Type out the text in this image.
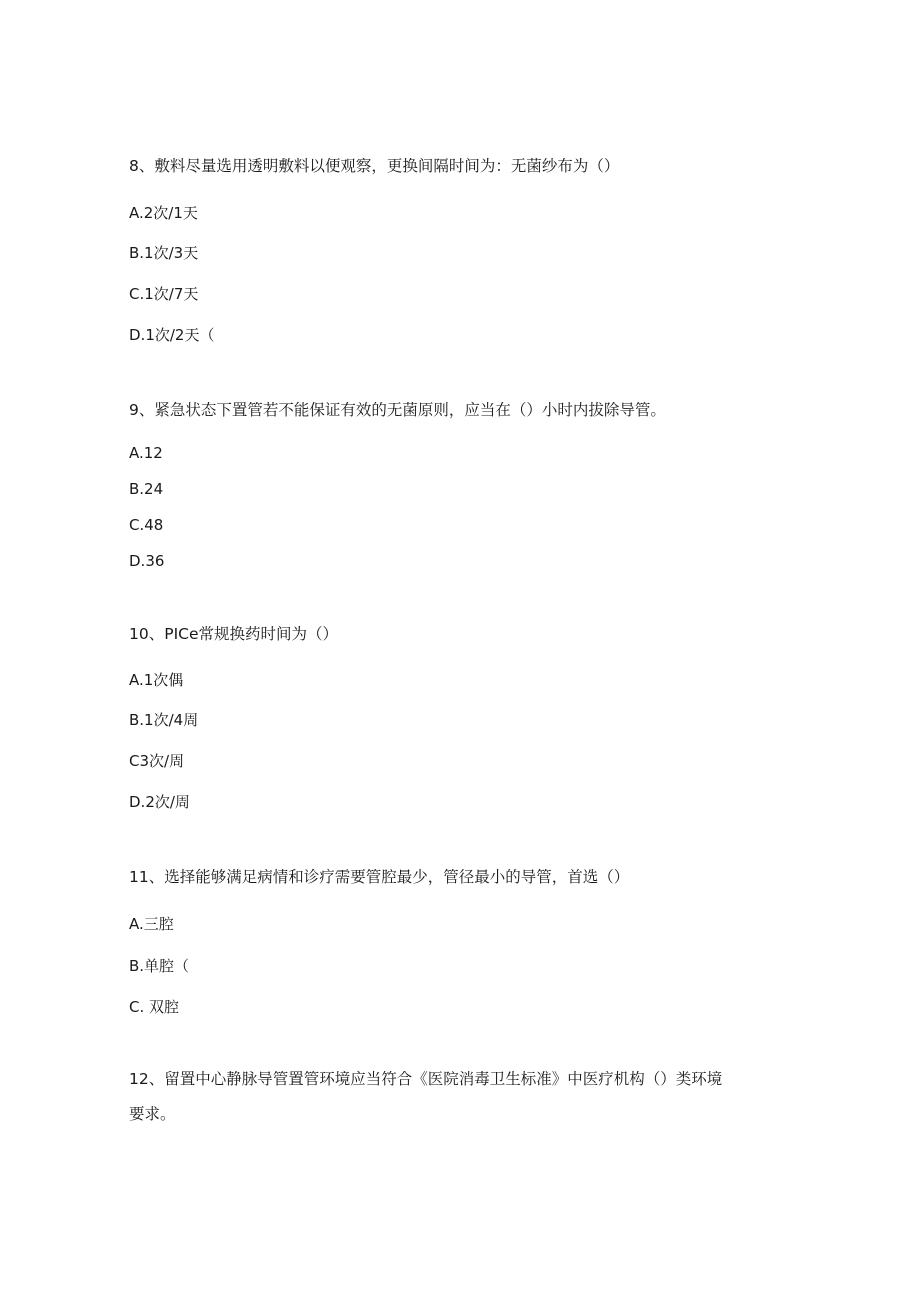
8、敷料尽量选用透明敷料以便观察，更换间隔时间为：无菌纱布为（）
A.2次/1天
B.1次/3天
C.1次/7天
D.1次/2天（
9、紧急状态下置管若不能保证有效的无菌原则，应当在（）小时内拔除导管。
A.12
B.24
C.48
D.36
10、PICe常规换药时间为（）
A.1次偶
B.1次/4周
C3次/周
D.2次/周
11、选择能够满足病情和诊疗需要管腔最少，管径最小的导管，首选（）
A.三腔
B.单腔（
C. 双腔
12、留置中心静脉导管置管环境应当符合《医院消毒卫生标准》中医疗机构（）类环境
要求。
